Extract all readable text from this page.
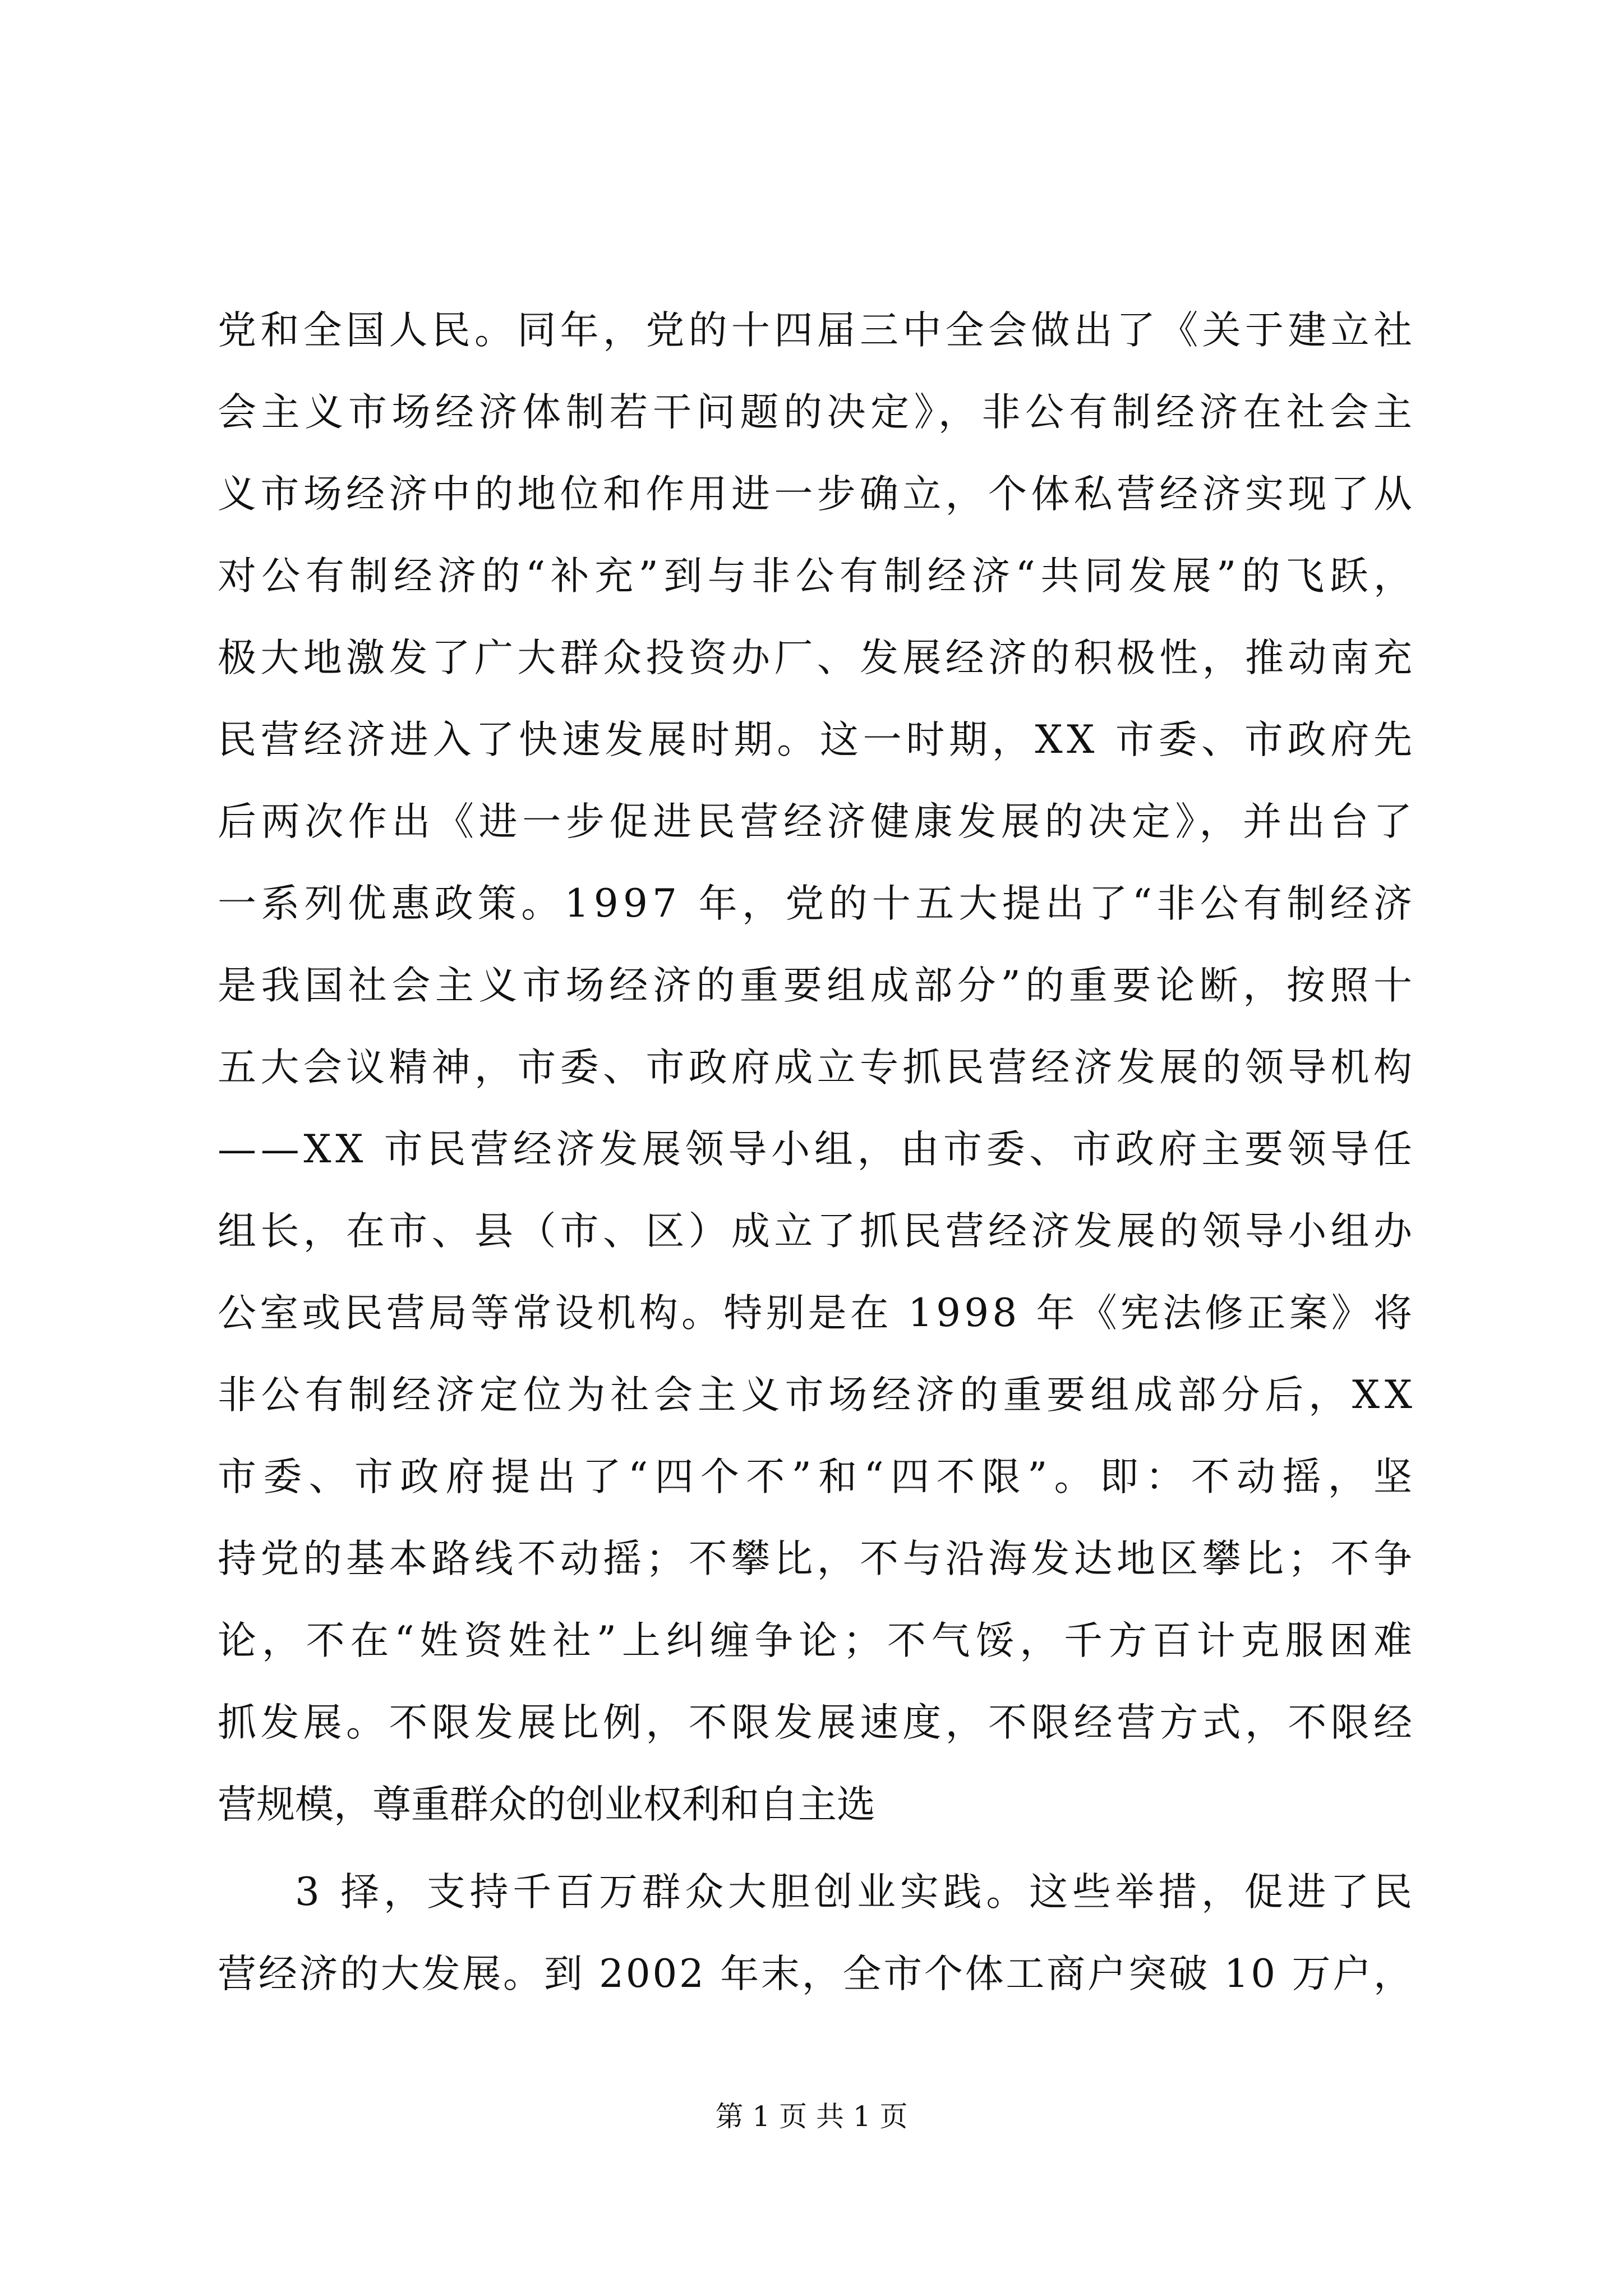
党和全国人民。同年，党的十四届三中全会做出了《关于建立社
会主义市场经济体制若干问题的决定》，非公有制经济在社会主
义市场经济中的地位和作用进一步确立，个体私营经济实现了从
对公有制经济的“补充”到与非公有制经济“共同发展”的飞跃，
极大地激发了广大群众投资办厂、发展经济的积极性，推动南充
民营经济进入了快速发展时期。这一时期，XX 市委、市政府先
后两次作出《进一步促进民营经济健康发展的决定》，并出台了
一系列优惠政策。1997 年，党的十五大提出了“非公有制经济
是我国社会主义市场经济的重要组成部分”的重要论断，按照十
五大会议精神，市委、市政府成立专抓民营经济发展的领导机构
——XX 市民营经济发展领导小组，由市委、市政府主要领导任
组长，在市、县（市、区）成立了抓民营经济发展的领导小组办
公室或民营局等常设机构。特别是在 1998 年《宪法修正案》将
非公有制经济定位为社会主义市场经济的重要组成部分后，XX
市委、市政府提出了“四个不”和“四不限”。即：不动摇，坚
持党的基本路线不动摇；不攀比，不与沿海发达地区攀比；不争
论，不在“姓资姓社”上纠缠争论；不气馁，千方百计克服困难
抓发展。不限发展比例，不限发展速度，不限经营方式，不限经
营规模，尊重群众的创业权利和自主选
3 择，支持千百万群众大胆创业实践。这些举措，促进了民
营经济的大发展。到 2002 年末，全市个体工商户突破 10 万户，
第 1 页 共 1 页
